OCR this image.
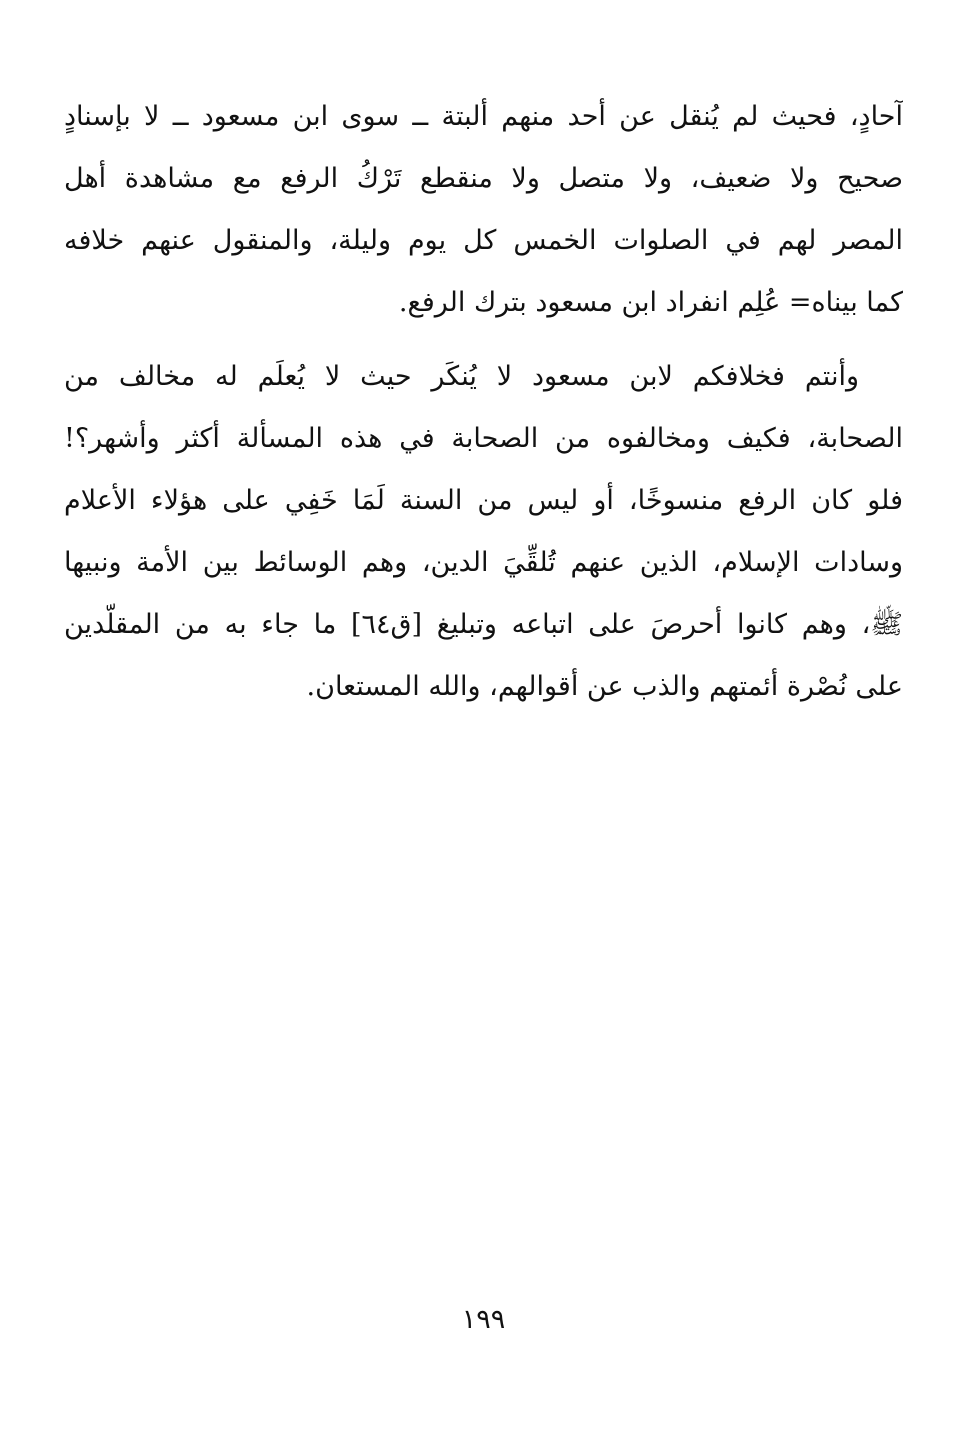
آحادٍ، فحيث لم يُنقل عن أحد منهم ألبتة ــ سوى ابن مسعود ــ لا بإسنادٍ
صحيح ولا ضعيف، ولا متصل ولا منقطع تَرْكُ الرفع مع مشاهدة أهل
المصر لهم في الصلوات الخمس كل يوم وليلة، والمنقول عنهم خلافه
كما بيناه= عُلِم انفراد ابن مسعود بترك الرفع.
وأنتم فخلافكم لابن مسعود لا يُنكَر حيث لا يُعلَم له مخالف من
الصحابة، فكيف ومخالفوه من الصحابة في هذه المسألة أكثر وأشهر؟!
فلو كان الرفع منسوخًا، أو ليس من السنة لَمَا خَفِي على هؤلاء الأعلام
وسادات الإسلام، الذين عنهم تُلقِّيَ الدين، وهم الوسائط بين الأمة ونبيها
ﷺ، وهم كانوا أحرصَ على اتباعه وتبليغ [ق٦٤] ما جاء به من المقلّدين
على نُصْرة أئمتهم والذب عن أقوالهم، والله المستعان.
١٩٩
